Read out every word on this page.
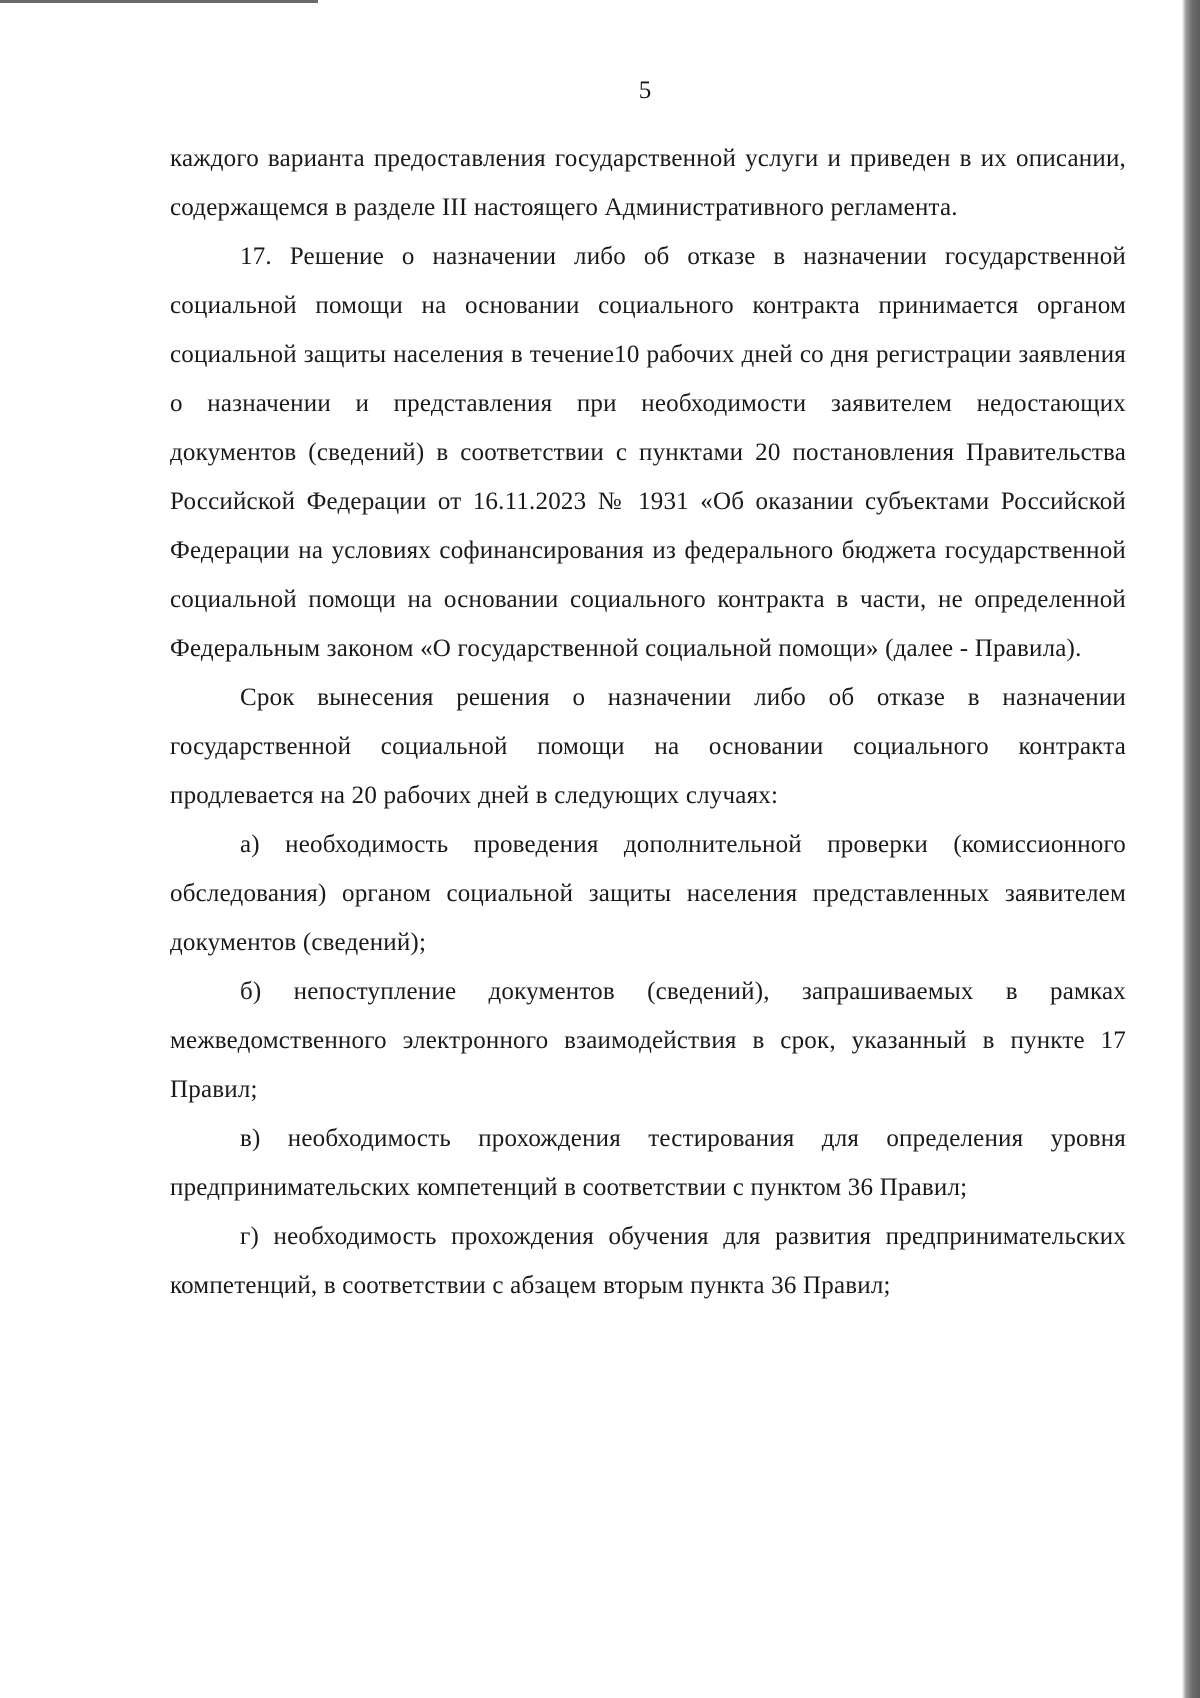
5

каждого варианта предоставления государственной услуги и приведен в их описании, содержащемся в разделе III настоящего Административного регламента.

17. Решение о назначении либо об отказе в назначении государственной социальной помощи на основании социального контракта принимается органом социальной защиты населения в течение10 рабочих дней со дня регистрации заявления о назначении и представления при необходимости заявителем недостающих документов (сведений) в соответствии с пунктами 20 постановления Правительства Российской Федерации от 16.11.2023 № 1931 «Об оказании субъектами Российской Федерации на условиях софинансирования из федерального бюджета государственной социальной помощи на основании социального контракта в части, не определенной Федеральным законом «О государственной социальной помощи» (далее - Правила).

Срок вынесения решения о назначении либо об отказе в назначении государственной социальной помощи на основании социального контракта продлевается на 20 рабочих дней в следующих случаях:

а) необходимость проведения дополнительной проверки (комиссионного обследования) органом социальной защиты населения представленных заявителем документов (сведений);

б) непоступление документов (сведений), запрашиваемых в рамках межведомственного электронного взаимодействия в срок, указанный в пункте 17 Правил;

в) необходимость прохождения тестирования для определения уровня предпринимательских компетенций в соответствии с пунктом 36 Правил;

г) необходимость прохождения обучения для развития предпринимательских компетенций, в соответствии с абзацем вторым пункта 36 Правил;
